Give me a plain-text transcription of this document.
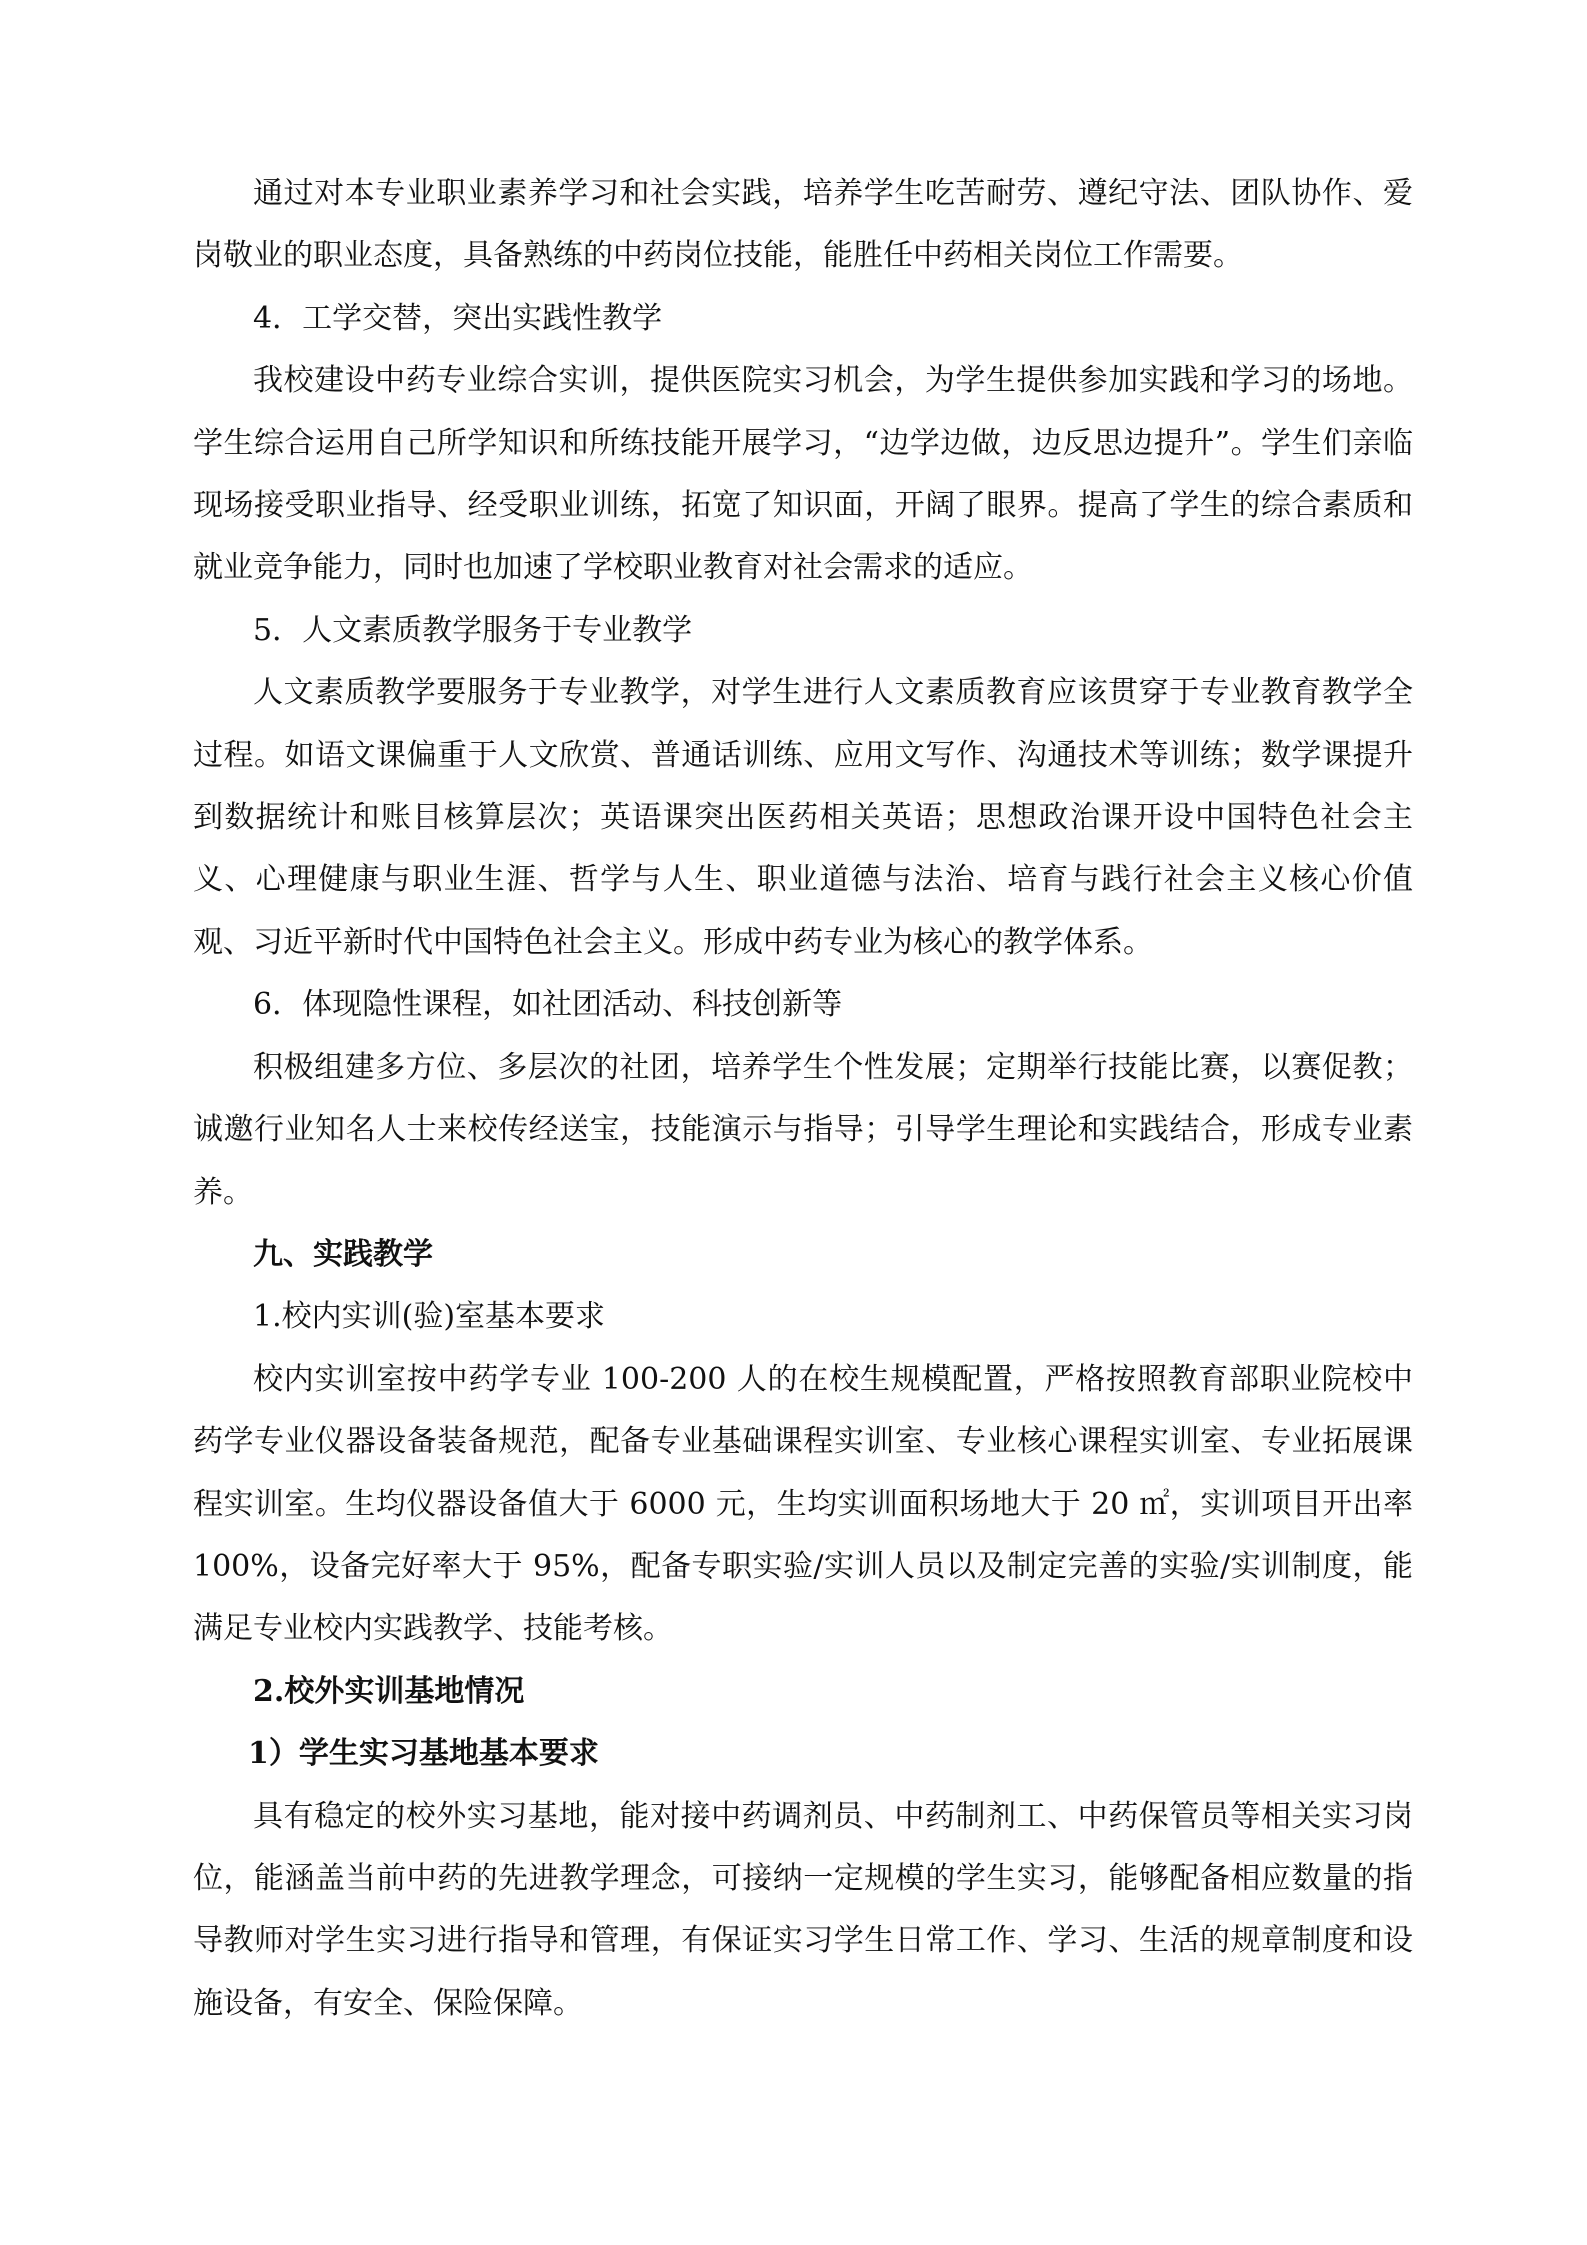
通过对本专业职业素养学习和社会实践，培养学生吃苦耐劳、遵纪守法、团队协作、爱岗敬业的职业态度，具备熟练的中药岗位技能，能胜任中药相关岗位工作需要。

4．工学交替，突出实践性教学

我校建设中药专业综合实训，提供医院实习机会，为学生提供参加实践和学习的场地。学生综合运用自己所学知识和所练技能开展学习，“边学边做，边反思边提升”。学生们亲临现场接受职业指导、经受职业训练，拓宽了知识面，开阔了眼界。提高了学生的综合素质和就业竞争能力，同时也加速了学校职业教育对社会需求的适应。

5．人文素质教学服务于专业教学

人文素质教学要服务于专业教学，对学生进行人文素质教育应该贯穿于专业教育教学全过程。如语文课偏重于人文欣赏、普通话训练、应用文写作、沟通技术等训练；数学课提升到数据统计和账目核算层次；英语课突出医药相关英语；思想政治课开设中国特色社会主义、心理健康与职业生涯、哲学与人生、职业道德与法治、培育与践行社会主义核心价值观、习近平新时代中国特色社会主义。形成中药专业为核心的教学体系。

6．体现隐性课程，如社团活动、科技创新等

积极组建多方位、多层次的社团，培养学生个性发展；定期举行技能比赛，以赛促教；诚邀行业知名人士来校传经送宝，技能演示与指导；引导学生理论和实践结合，形成专业素养。

九、实践教学

1.校内实训(验)室基本要求

校内实训室按中药学专业 100-200 人的在校生规模配置，严格按照教育部职业院校中药学专业仪器设备装备规范，配备专业基础课程实训室、专业核心课程实训室、专业拓展课程实训室。生均仪器设备值大于 6000 元，生均实训面积场地大于 20 ㎡，实训项目开出率 100%，设备完好率大于 95%，配备专职实验/实训人员以及制定完善的实验/实训制度，能满足专业校内实践教学、技能考核。

2.校外实训基地情况

1）学生实习基地基本要求

具有稳定的校外实习基地，能对接中药调剂员、中药制剂工、中药保管员等相关实习岗位，能涵盖当前中药的先进教学理念，可接纳一定规模的学生实习，能够配备相应数量的指导教师对学生实习进行指导和管理，有保证实习学生日常工作、学习、生活的规章制度和设施设备，有安全、保险保障。
